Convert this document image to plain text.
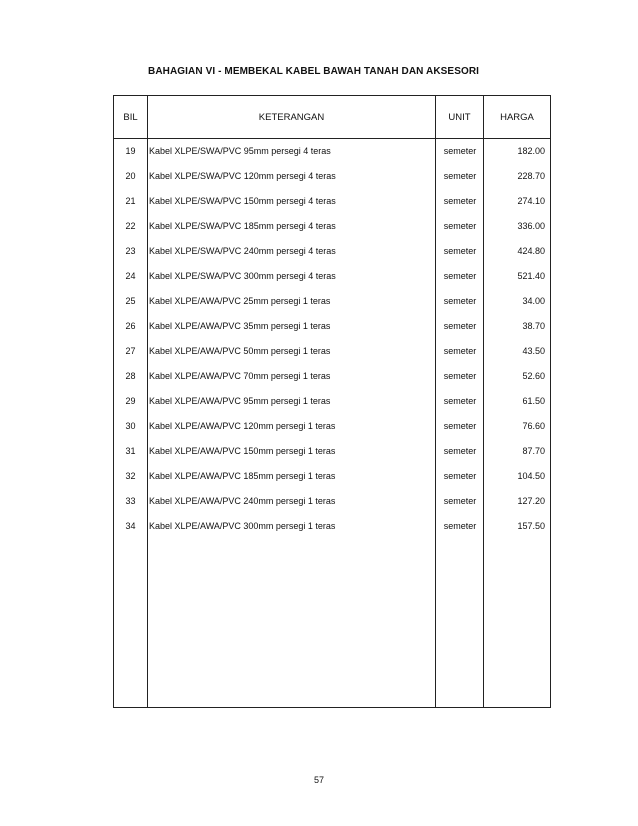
BAHAGIAN VI - MEMBEKAL KABEL BAWAH TANAH DAN AKSESORI
BIL	KETERANGAN	UNIT	HARGA
19	Kabel XLPE/SWA/PVC 95mm persegi 4 teras	semeter	182.00
20	Kabel XLPE/SWA/PVC 120mm persegi 4 teras	semeter	228.70
21	Kabel XLPE/SWA/PVC 150mm persegi 4 teras	semeter	274.10
22	Kabel XLPE/SWA/PVC 185mm persegi 4 teras	semeter	336.00
23	Kabel XLPE/SWA/PVC 240mm persegi 4 teras	semeter	424.80
24	Kabel XLPE/SWA/PVC 300mm persegi 4 teras	semeter	521.40
25	Kabel XLPE/AWA/PVC 25mm persegi 1 teras	semeter	34.00
26	Kabel XLPE/AWA/PVC 35mm persegi 1 teras	semeter	38.70
27	Kabel XLPE/AWA/PVC 50mm persegi 1 teras	semeter	43.50
28	Kabel XLPE/AWA/PVC 70mm persegi 1 teras	semeter	52.60
29	Kabel XLPE/AWA/PVC 95mm persegi 1 teras	semeter	61.50
30	Kabel XLPE/AWA/PVC 120mm persegi 1 teras	semeter	76.60
31	Kabel XLPE/AWA/PVC 150mm persegi 1 teras	semeter	87.70
32	Kabel XLPE/AWA/PVC 185mm persegi 1 teras	semeter	104.50
33	Kabel XLPE/AWA/PVC 240mm persegi 1 teras	semeter	127.20
34	Kabel XLPE/AWA/PVC 300mm persegi 1 teras	semeter	157.50
57
